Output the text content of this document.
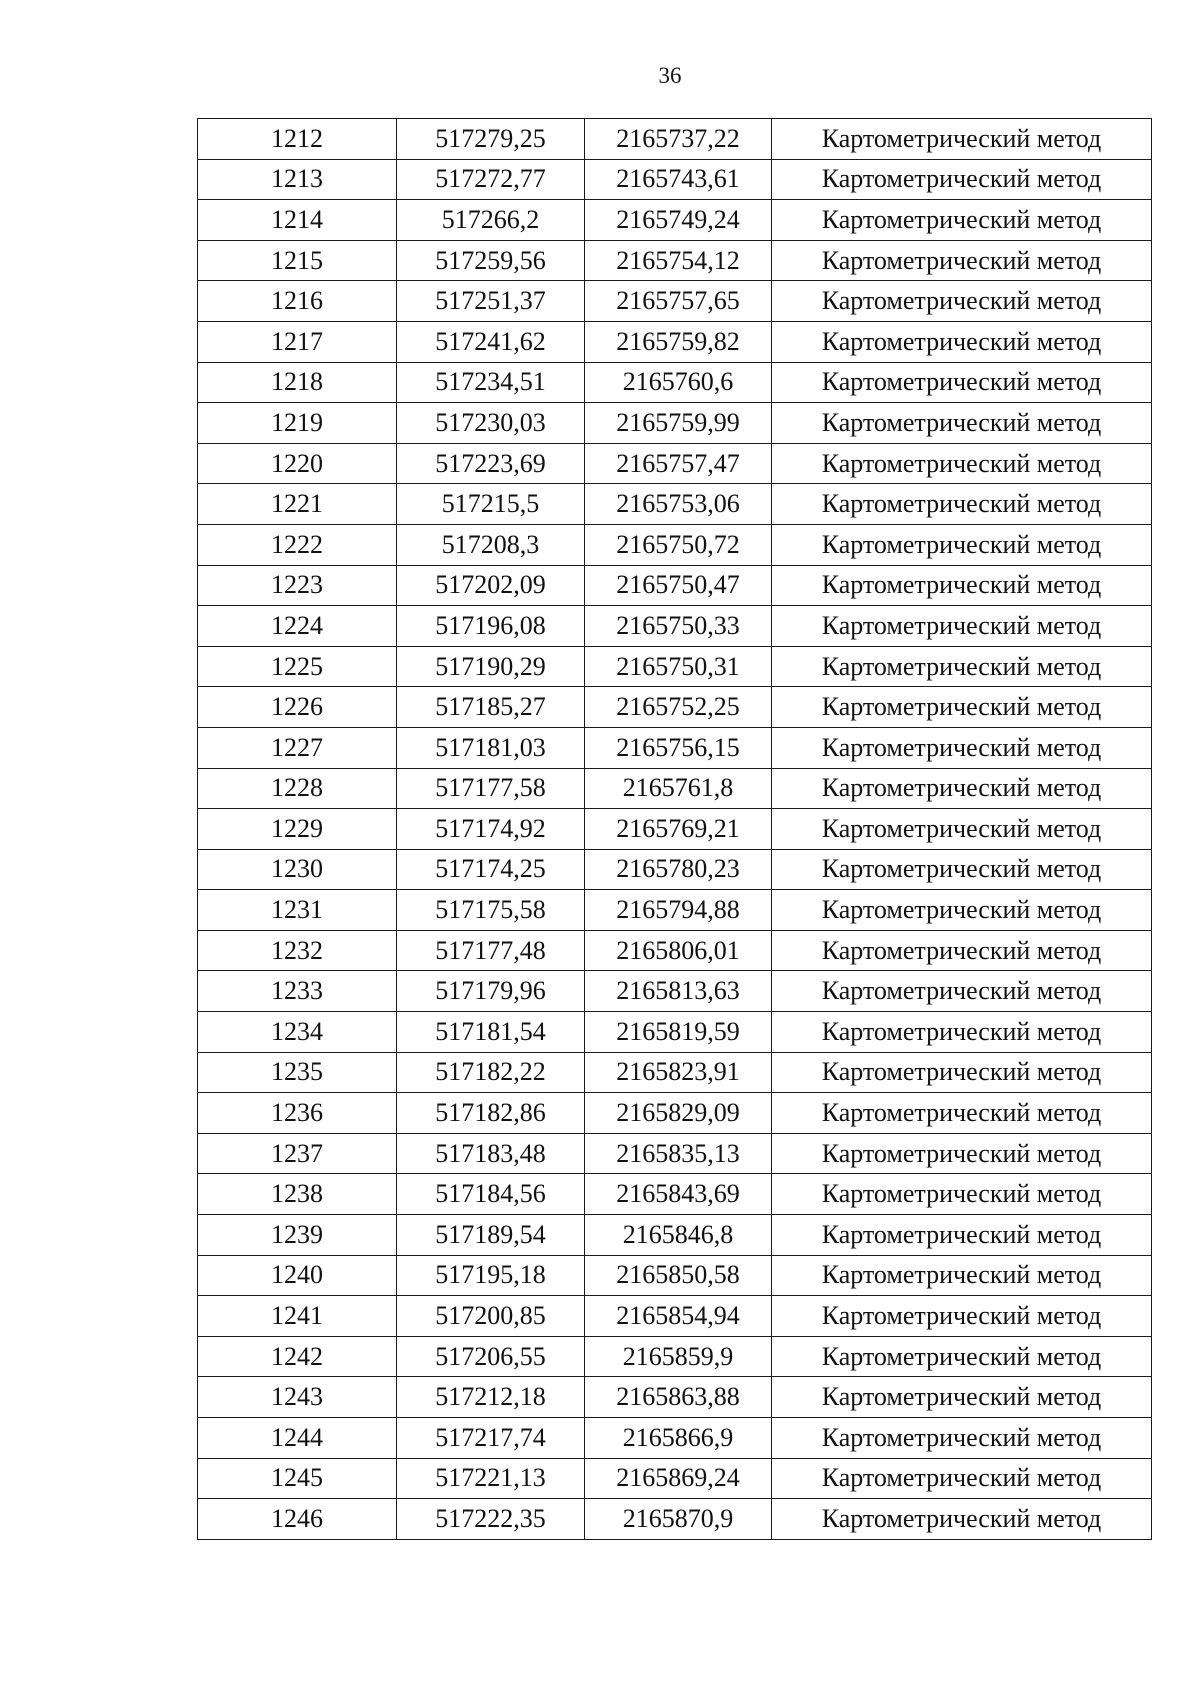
36
1212	517279,25	2165737,22	Картометрический метод
1213	517272,77	2165743,61	Картометрический метод
1214	517266,2	2165749,24	Картометрический метод
1215	517259,56	2165754,12	Картометрический метод
1216	517251,37	2165757,65	Картометрический метод
1217	517241,62	2165759,82	Картометрический метод
1218	517234,51	2165760,6	Картометрический метод
1219	517230,03	2165759,99	Картометрический метод
1220	517223,69	2165757,47	Картометрический метод
1221	517215,5	2165753,06	Картометрический метод
1222	517208,3	2165750,72	Картометрический метод
1223	517202,09	2165750,47	Картометрический метод
1224	517196,08	2165750,33	Картометрический метод
1225	517190,29	2165750,31	Картометрический метод
1226	517185,27	2165752,25	Картометрический метод
1227	517181,03	2165756,15	Картометрический метод
1228	517177,58	2165761,8	Картометрический метод
1229	517174,92	2165769,21	Картометрический метод
1230	517174,25	2165780,23	Картометрический метод
1231	517175,58	2165794,88	Картометрический метод
1232	517177,48	2165806,01	Картометрический метод
1233	517179,96	2165813,63	Картометрический метод
1234	517181,54	2165819,59	Картометрический метод
1235	517182,22	2165823,91	Картометрический метод
1236	517182,86	2165829,09	Картометрический метод
1237	517183,48	2165835,13	Картометрический метод
1238	517184,56	2165843,69	Картометрический метод
1239	517189,54	2165846,8	Картометрический метод
1240	517195,18	2165850,58	Картометрический метод
1241	517200,85	2165854,94	Картометрический метод
1242	517206,55	2165859,9	Картометрический метод
1243	517212,18	2165863,88	Картометрический метод
1244	517217,74	2165866,9	Картометрический метод
1245	517221,13	2165869,24	Картометрический метод
1246	517222,35	2165870,9	Картометрический метод
